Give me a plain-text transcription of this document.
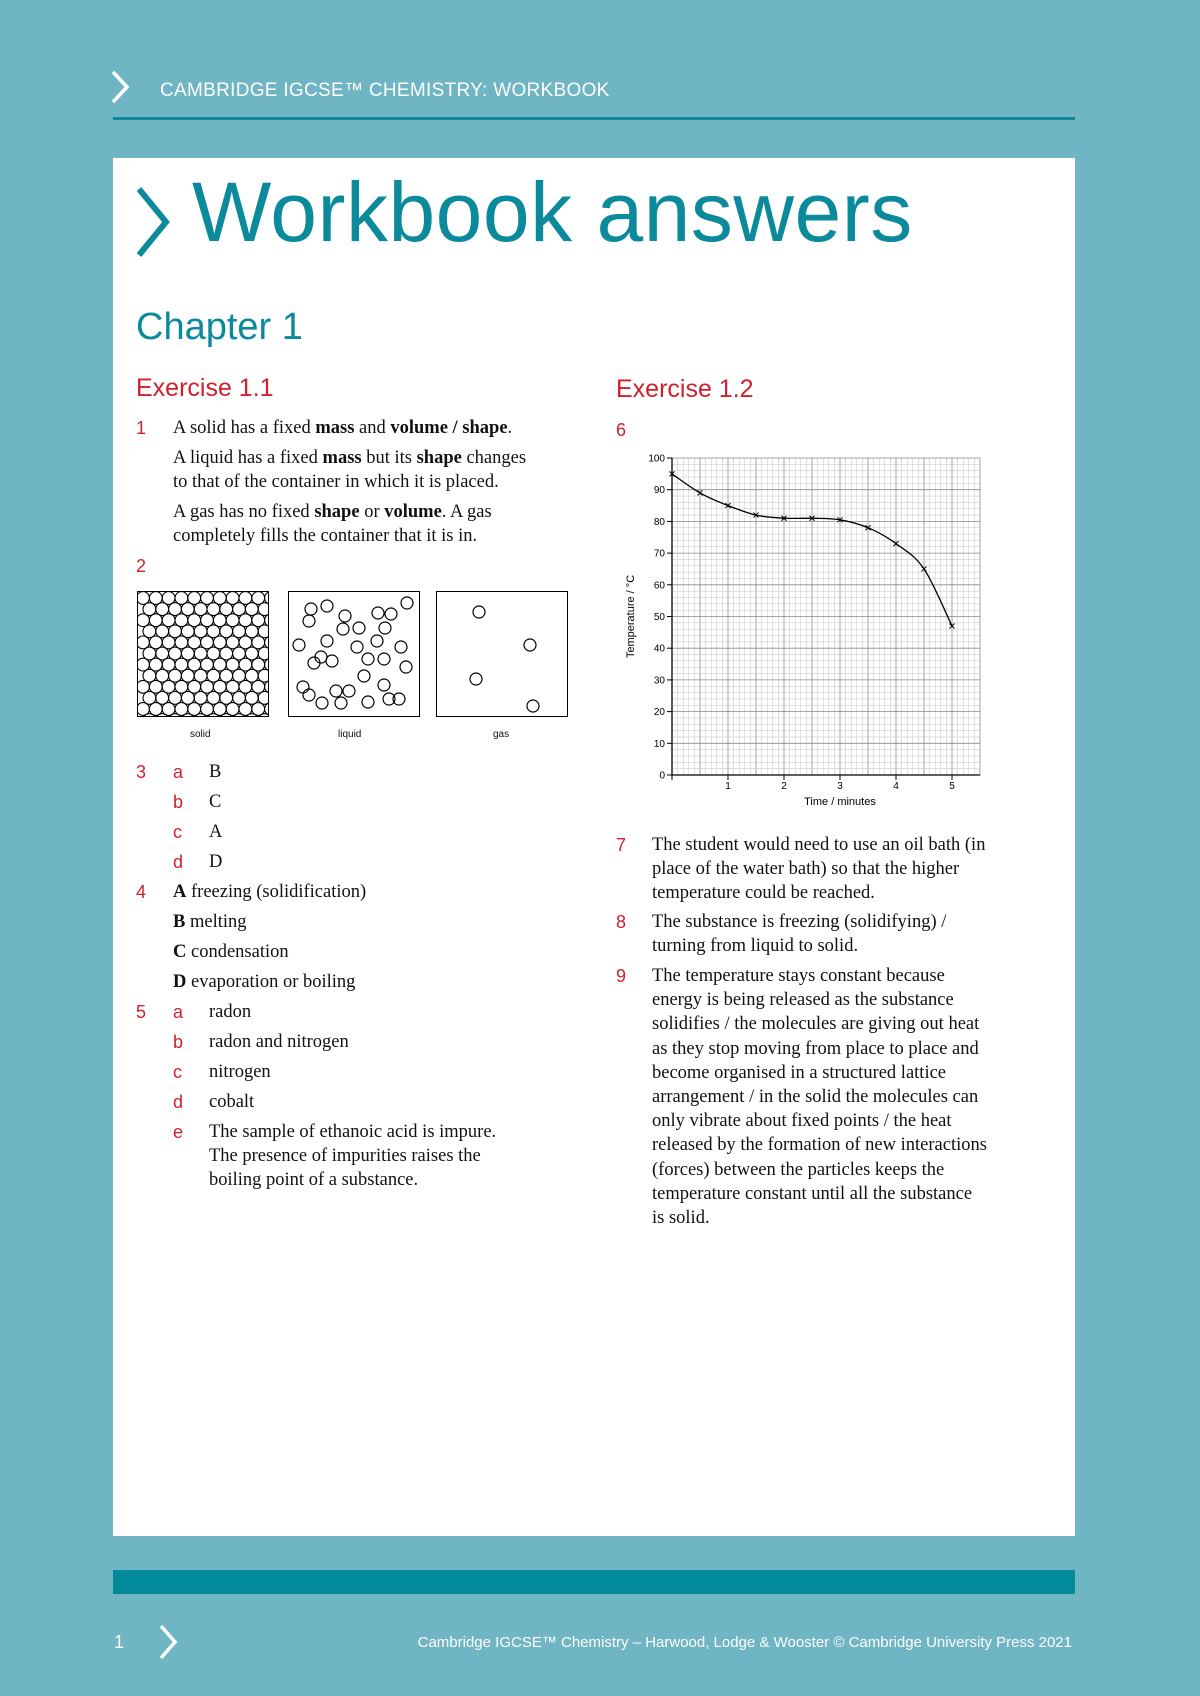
CAMBRIDGE IGCSE™ CHEMISTRY: WORKBOOK
Workbook answers
Chapter 1
Exercise 1.1
1 A solid has a fixed mass and volume / shape.
A liquid has a fixed mass but its shape changes
to that of the container in which it is placed.
A gas has no fixed shape or volume. A gas
completely fills the container that it is in.
2
solid	liquid	gas
3 a B
b C
c A
d D
4 A freezing (solidification)
B melting
C condensation
D evaporation or boiling
5 a radon
b radon and nitrogen
c nitrogen
d cobalt
e The sample of ethanoic acid is impure.
The presence of impurities raises the
boiling point of a substance.
Exercise 1.2
6
1	2	3	4	5
0
10
20
30
40
50
60
70
80
90
100
Time / minutes
Temperature / °C
7 The student would need to use an oil bath (in
place of the water bath) so that the higher
temperature could be reached.
8 The substance is freezing (solidifying) /
turning from liquid to solid.
9 The temperature stays constant because
energy is being released as the substance
solidifies / the molecules are giving out heat
as they stop moving from place to place and
become organised in a structured lattice
arrangement / in the solid the molecules can
only vibrate about fixed points / the heat
released by the formation of new interactions
(forces) between the particles keeps the
temperature constant until all the substance
is solid.
1	Cambridge IGCSE™ Chemistry – Harwood, Lodge & Wooster © Cambridge University Press 2021
